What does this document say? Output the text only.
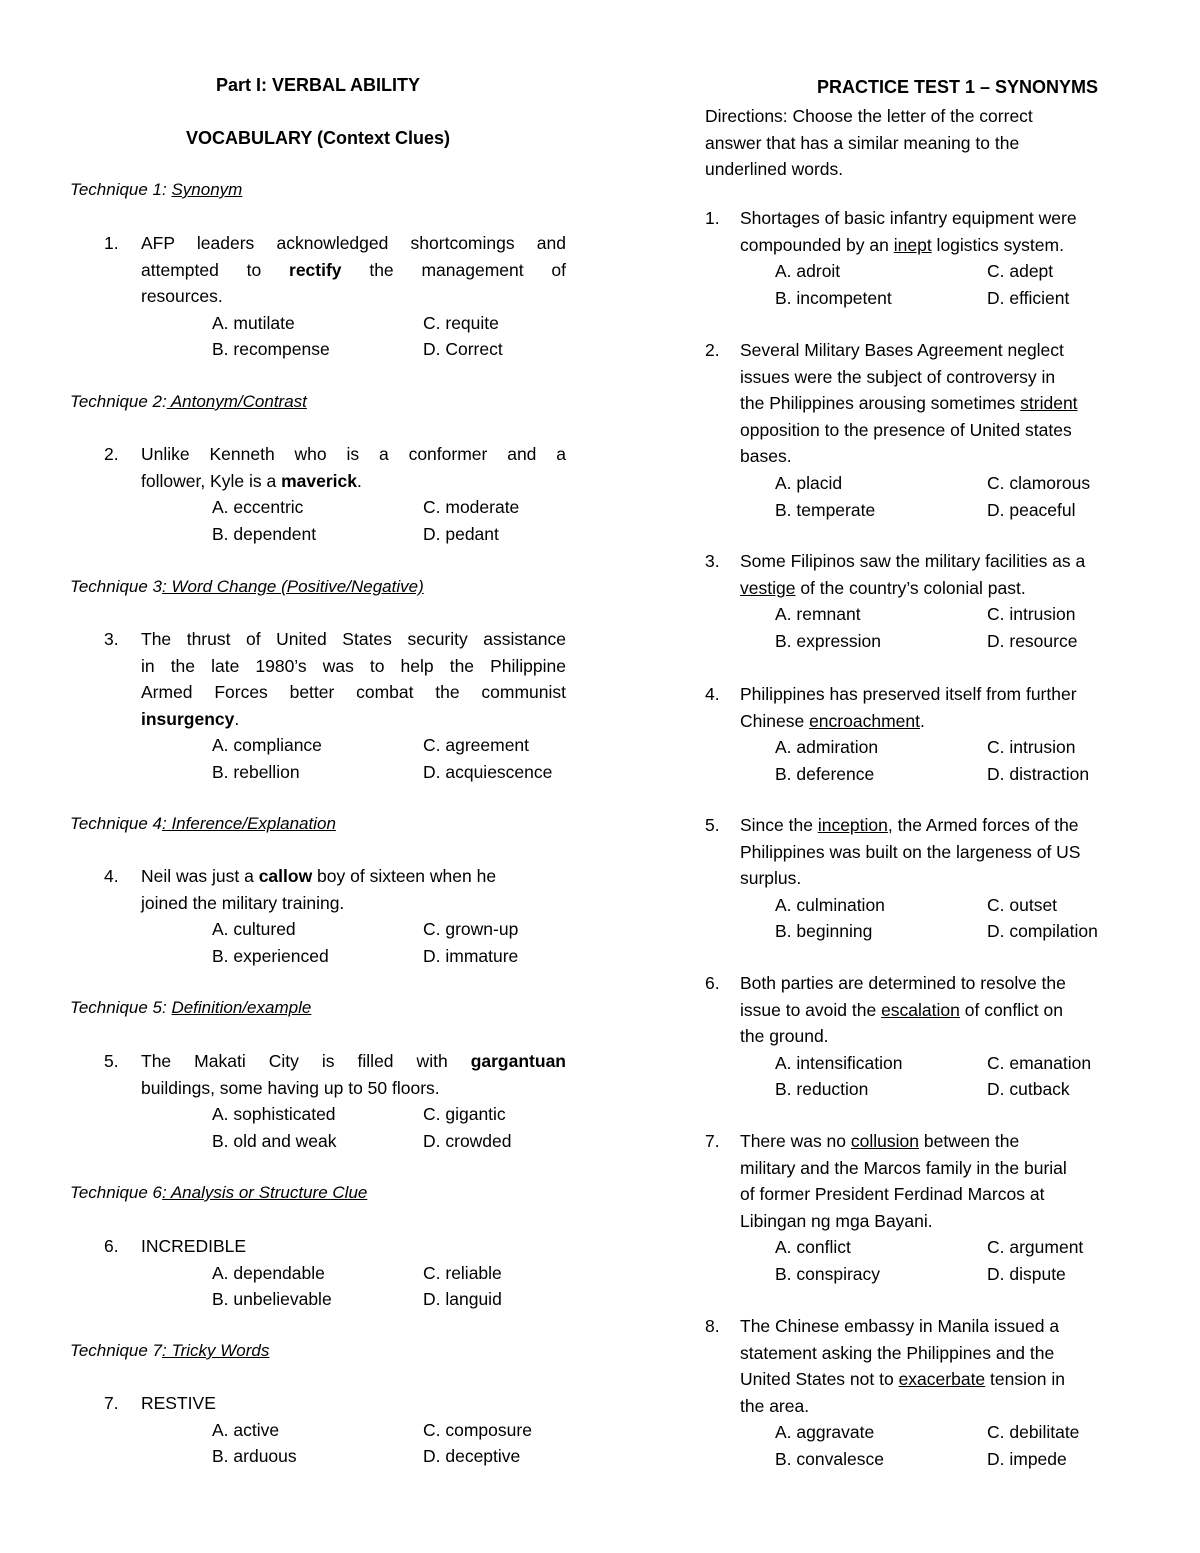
Part I: VERBAL ABILITY
VOCABULARY (Context Clues)
Technique 1: Synonym
Technique 2: Antonym/Contrast
Technique 3: Word Change (Positive/Negative)
Technique 4: Inference/Explanation
Technique 5: Definition/example
Technique 6: Analysis or Structure Clue
Technique 7: Tricky Words
1. AFP leaders acknowledged shortcomings and
attempted to rectify the management of
resources.
A. mutilate	C. requite
B. recompense	D. Correct
2. Unlike Kenneth who is a conformer and a
follower, Kyle is a maverick.
A. eccentric	C. moderate
B. dependent	D. pedant
3. The thrust of United States security assistance
in the late 1980’s was to help the Philippine
Armed Forces better combat the communist
insurgency.
A. compliance	C. agreement
B. rebellion	D. acquiescence
4. Neil was just a callow boy of sixteen when he
joined the military training.
A. cultured	C. grown-up
B. experienced	D. immature
5. The Makati City is filled with gargantuan
buildings, some having up to 50 floors.
A. sophisticated	C. gigantic
B. old and weak	D. crowded
6. INCREDIBLE
A. dependable	C. reliable
B. unbelievable	D. languid
7. RESTIVE
A. active	C. composure
B. arduous	D. deceptive
PRACTICE TEST 1 – SYNONYMS
Directions: Choose the letter of the correct
answer that has a similar meaning to the
underlined words.
1. Shortages of basic infantry equipment were
compounded by an inept logistics system.
A. adroit	C. adept
B. incompetent	D. efficient
2. Several Military Bases Agreement neglect
issues were the subject of controversy in
the Philippines arousing sometimes strident
opposition to the presence of United states
bases.
A. placid	C. clamorous
B. temperate	D. peaceful
3. Some Filipinos saw the military facilities as a
vestige of the country’s colonial past.
A. remnant	C. intrusion
B. expression	D. resource
4. Philippines has preserved itself from further
Chinese encroachment.
A. admiration	C. intrusion
B. deference	D. distraction
5. Since the inception, the Armed forces of the
Philippines was built on the largeness of US
surplus.
A. culmination	C. outset
B. beginning	D. compilation
6. Both parties are determined to resolve the
issue to avoid the escalation of conflict on
the ground.
A. intensification	C. emanation
B. reduction	D. cutback
7. There was no collusion between the
military and the Marcos family in the burial
of former President Ferdinad Marcos at
Libingan ng mga Bayani.
A. conflict	C. argument
B. conspiracy	D. dispute
8. The Chinese embassy in Manila issued a
statement asking the Philippines and the
United States not to exacerbate tension in
the area.
A. aggravate	C. debilitate
B. convalesce	D. impede
